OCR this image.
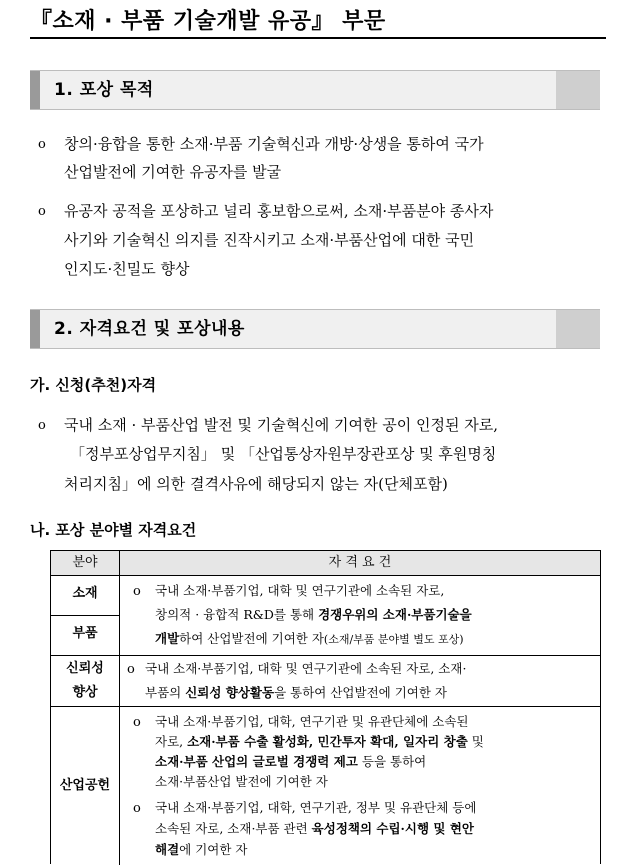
『소재 · 부품 기술개발 유공』 부문
1. 포상 목적
o 창의·융합을 통한 소재·부품 기술혁신과 개방·상생을 통하여 국가
산업발전에 기여한 유공자를 발굴
o 유공자 공적을 포상하고 널리 홍보함으로써, 소재·부품분야 종사자
사기와 기술혁신 의지를 진작시키고 소재·부품산업에 대한 국민
인지도·친밀도 향상
2. 자격요건 및 포상내용
가. 신청(추천)자격
o 국내 소재 · 부품산업 발전 및 기술혁신에 기여한 공이 인정된 자로,
「정부포상업무지침」 및 「산업통상자원부장관포상 및 후원명칭
처리지침」에 의한 결격사유에 해당되지 않는 자(단체포함)
나. 포상 분야별 자격요건
분야	자 격 요 건
소재
부품
o 국내 소재·부품기업, 대학 및 연구기관에 소속된 자로,
창의적 · 융합적 R&D를 통해 경쟁우위의 소재·부품기술을
개발하여 산업발전에 기여한 자(소재/부품 분야별 별도 포상)
신뢰성
향상
o 국내 소재·부품기업, 대학 및 연구기관에 소속된 자로, 소재·
부품의 신뢰성 향상활동을 통하여 산업발전에 기여한 자
산업공헌
o 국내 소재·부품기업, 대학, 연구기관 및 유관단체에 소속된
자로, 소재·부품 수출 활성화, 민간투자 확대, 일자리 창출 및
소재·부품 산업의 글로벌 경쟁력 제고 등을 통하여
소재·부품산업 발전에 기여한 자
o 국내 소재·부품기업, 대학, 연구기관, 정부 및 유관단체 등에
소속된 자로, 소재·부품 관련 육성정책의 수립·시행 및 현안
해결에 기여한 자
